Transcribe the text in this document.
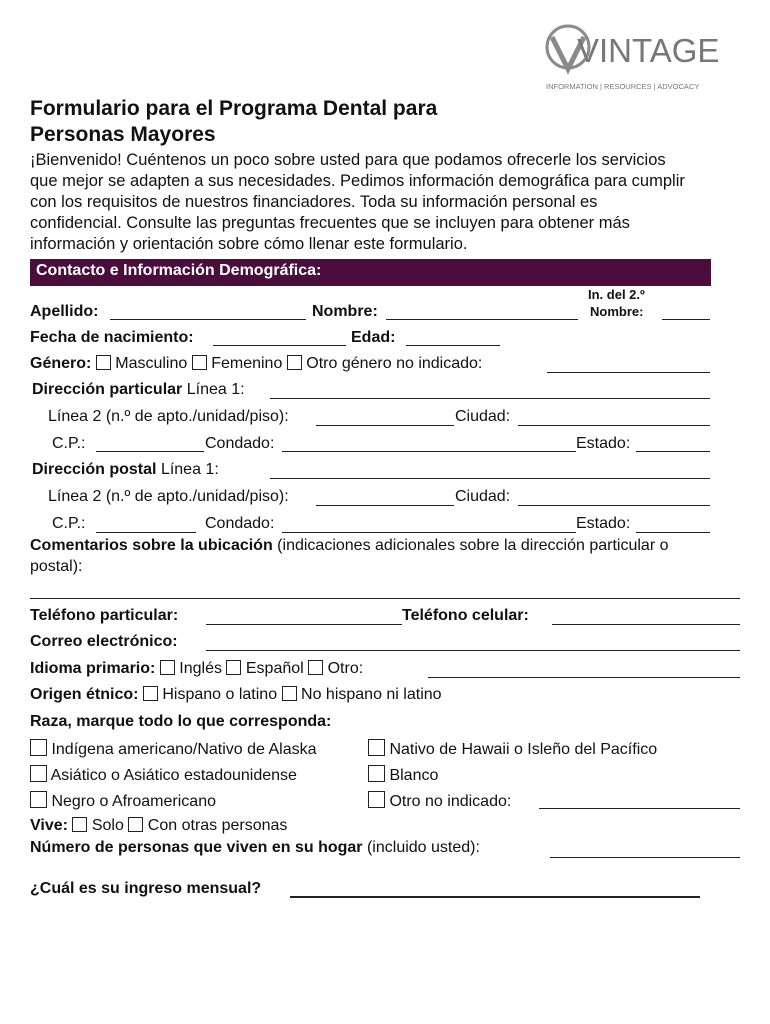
VINTAGE
INFORMATION | RESOURCES | ADVOCACY
Formulario para el Programa Dental para
Personas Mayores

¡Bienvenido! Cuéntenos un poco sobre usted para que podamos ofrecerle los servicios

que mejor se adapten a sus necesidades. Pedimos información demográfica para cumplir

con los requisitos de nuestros financiadores. Toda su información personal es

confidencial. Consulte las preguntas frecuentes que se incluyen para obtener más

información y orientación sobre cómo llenar este formulario.

Contacto e Información Demográfica:
Apellido:	Nombre:
In. del 2.º
Nombre:
Fecha de nacimiento:	Edad:
Género: Masculino Femenino Otro género no indicado:
Dirección particular Línea 1:
Línea 2 (n.º de apto./unidad/piso):	Ciudad:
C.P.:	Condado:	Estado:
Dirección postal Línea 1:
Línea 2 (n.º de apto./unidad/piso):	Ciudad:
C.P.:	Condado:	Estado:
Comentarios sobre la ubicación (indicaciones adicionales sobre la dirección particular o
postal):
Teléfono particular:	Teléfono celular:
Correo electrónico:
Idioma primario: Inglés Español Otro:
Origen étnico: Hispano o latino No hispano ni latino
Raza, marque todo lo que corresponda:
Indígena americano/Nativo de Alaska	Nativo de Hawaii o Isleño del Pacífico
Asiático o Asiático estadounidense	Blanco
Negro o Afroamericano	Otro no indicado:
Vive: Solo Con otras personas
Número de personas que viven en su hogar (incluido usted):
¿Cuál es su ingreso mensual?
